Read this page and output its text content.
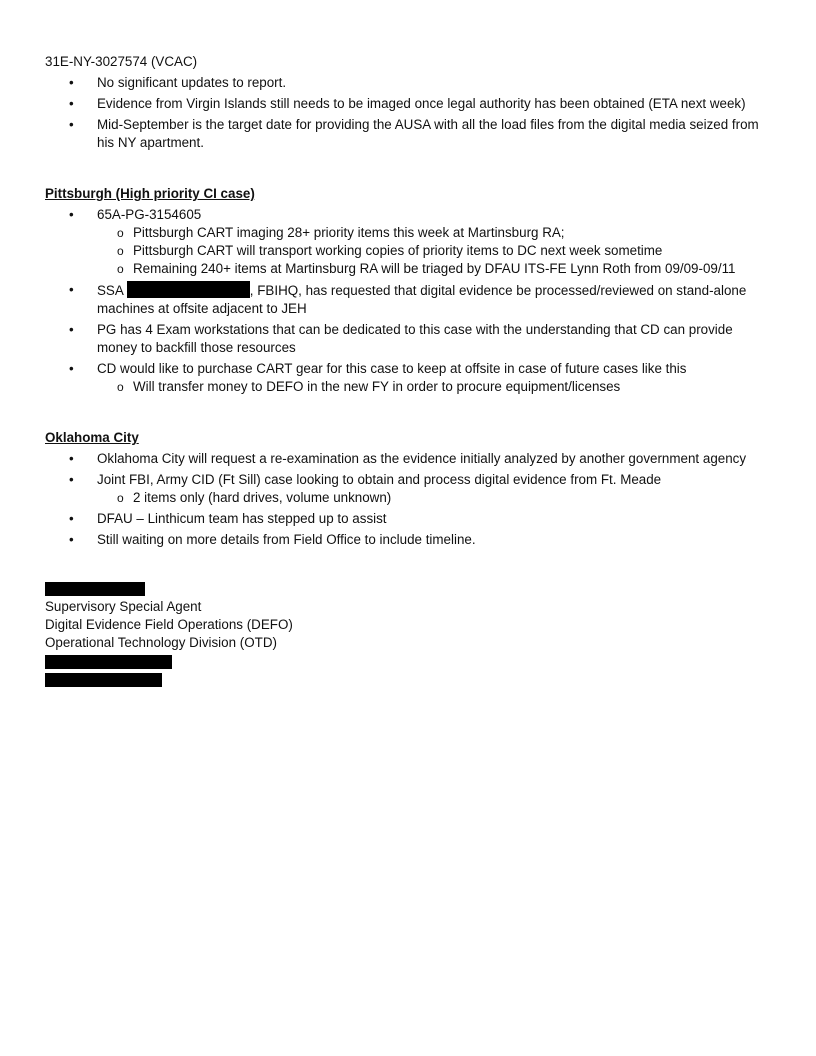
31E-NY-3027574 (VCAC)
• No significant updates to report.
• Evidence from Virgin Islands still needs to be imaged once legal authority has been obtained (ETA next week)
• Mid-September is the target date for providing the AUSA with all the load files from the digital media seized from his NY apartment.
Pittsburgh (High priority CI case)
• 65A-PG-3154605
o Pittsburgh CART imaging 28+ priority items this week at Martinsburg RA;
o Pittsburgh CART will transport working copies of priority items to DC next week sometime
o Remaining 240+ items at Martinsburg RA will be triaged by DFAU ITS-FE Lynn Roth from 09/09-09/11
• SSA	, FBIHQ, has requested that digital evidence be processed/reviewed on stand-alone machines at offsite adjacent to JEH
• PG has 4 Exam workstations that can be dedicated to this case with the understanding that CD can provide money to backfill those resources
• CD would like to purchase CART gear for this case to keep at offsite in case of future cases like this
o Will transfer money to DEFO in the new FY in order to procure equipment/licenses
Oklahoma City
• Oklahoma City will request a re-examination as the evidence initially analyzed by another government agency
• Joint FBI, Army CID (Ft Sill) case looking to obtain and process digital evidence from Ft. Meade
o 2 items only (hard drives, volume unknown)
• DFAU – Linthicum team has stepped up to assist
• Still waiting on more details from Field Office to include timeline.
Supervisory Special Agent
Digital Evidence Field Operations (DEFO)
Operational Technology Division (OTD)
